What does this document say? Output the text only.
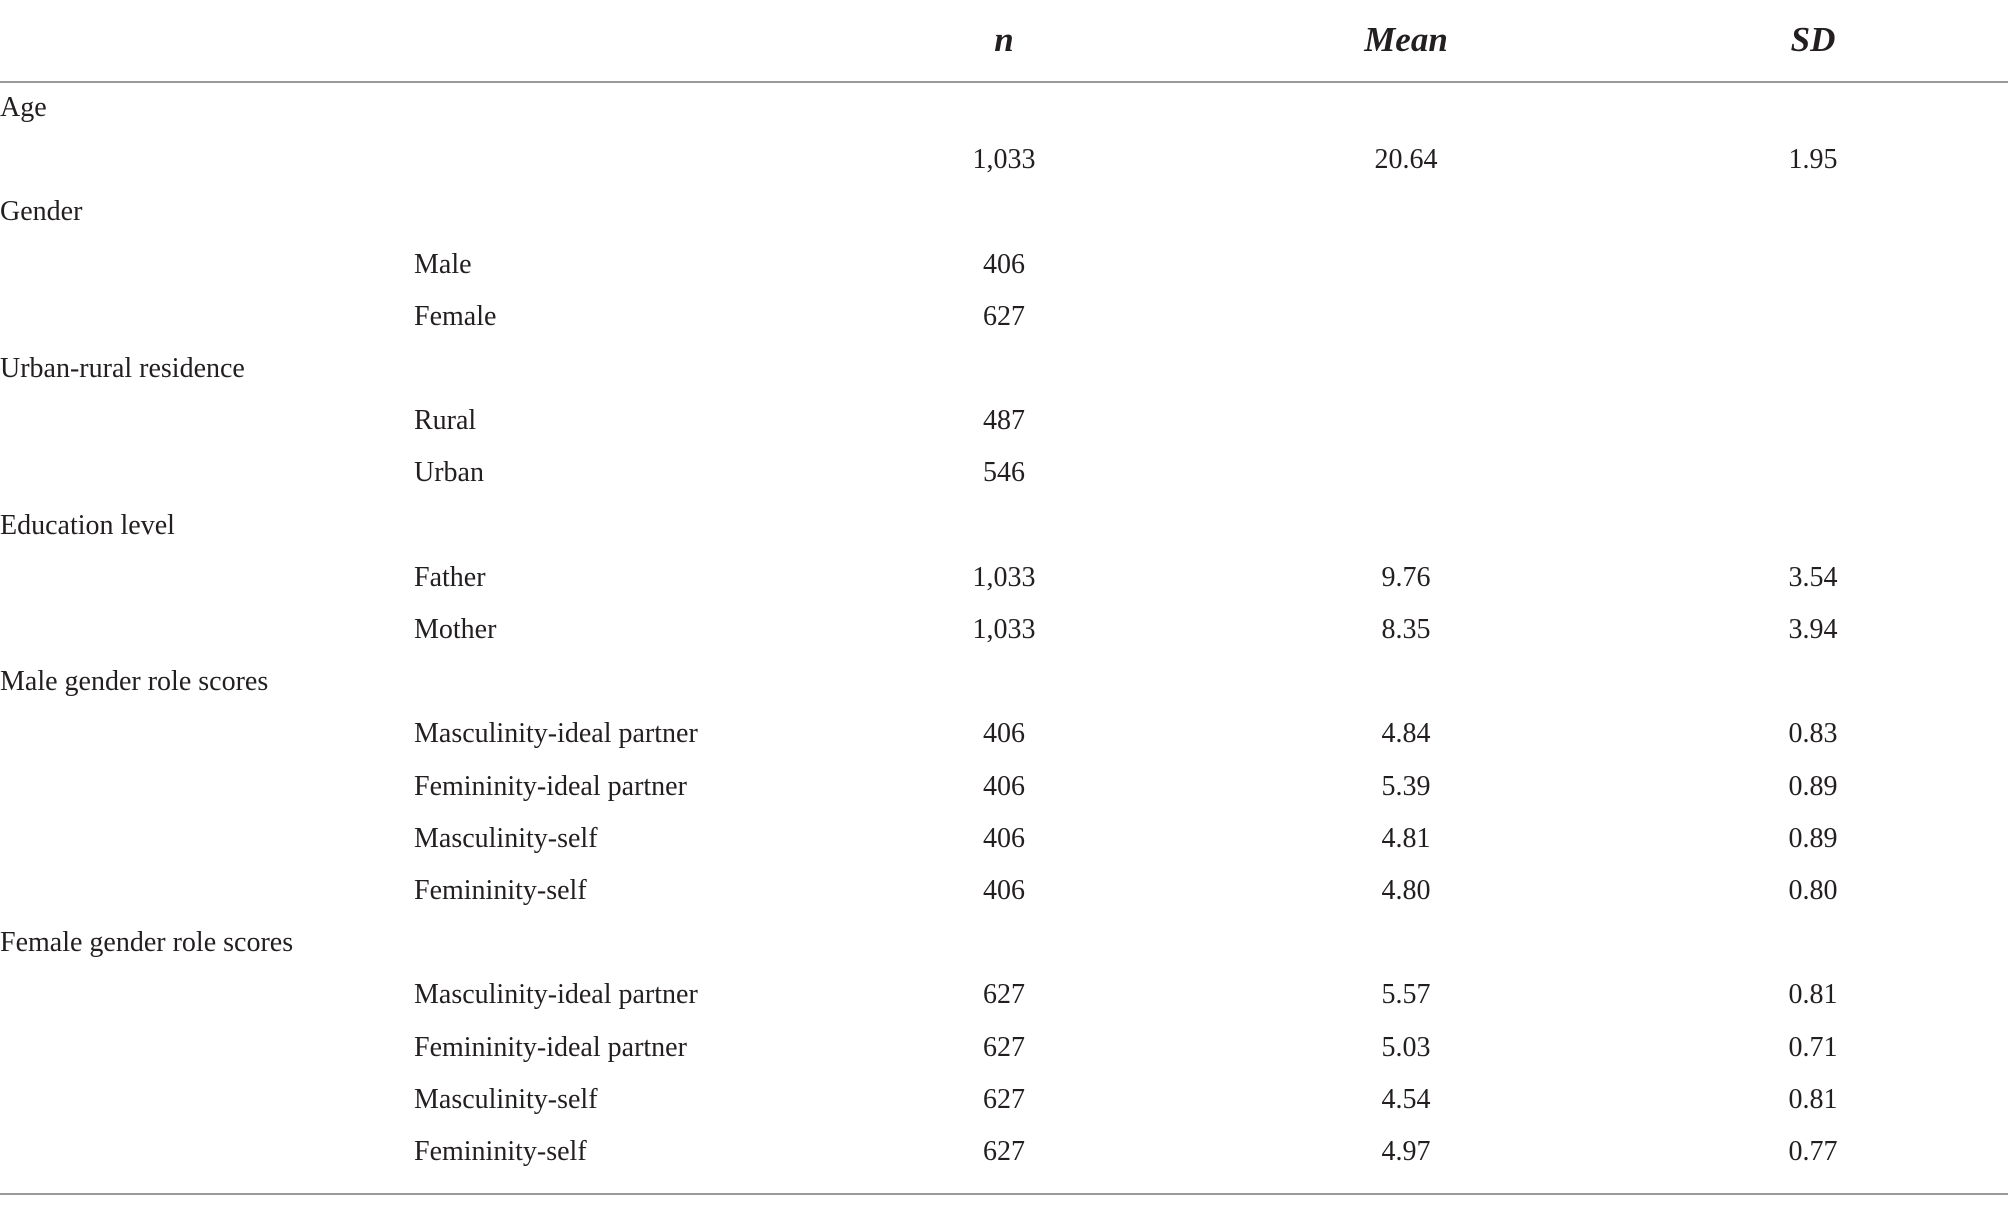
n	Mean	SD
Age
1,033	20.64	1.95
Gender
Male	406
Female	627
Urban-rural residence
Rural	487
Urban	546
Education level
Father	1,033	9.76	3.54
Mother	1,033	8.35	3.94
Male gender role scores
Masculinity-ideal partner	406	4.84	0.83
Femininity-ideal partner	406	5.39	0.89
Masculinity-self	406	4.81	0.89
Femininity-self	406	4.80	0.80
Female gender role scores
Masculinity-ideal partner	627	5.57	0.81
Femininity-ideal partner	627	5.03	0.71
Masculinity-self	627	4.54	0.81
Femininity-self	627	4.97	0.77
